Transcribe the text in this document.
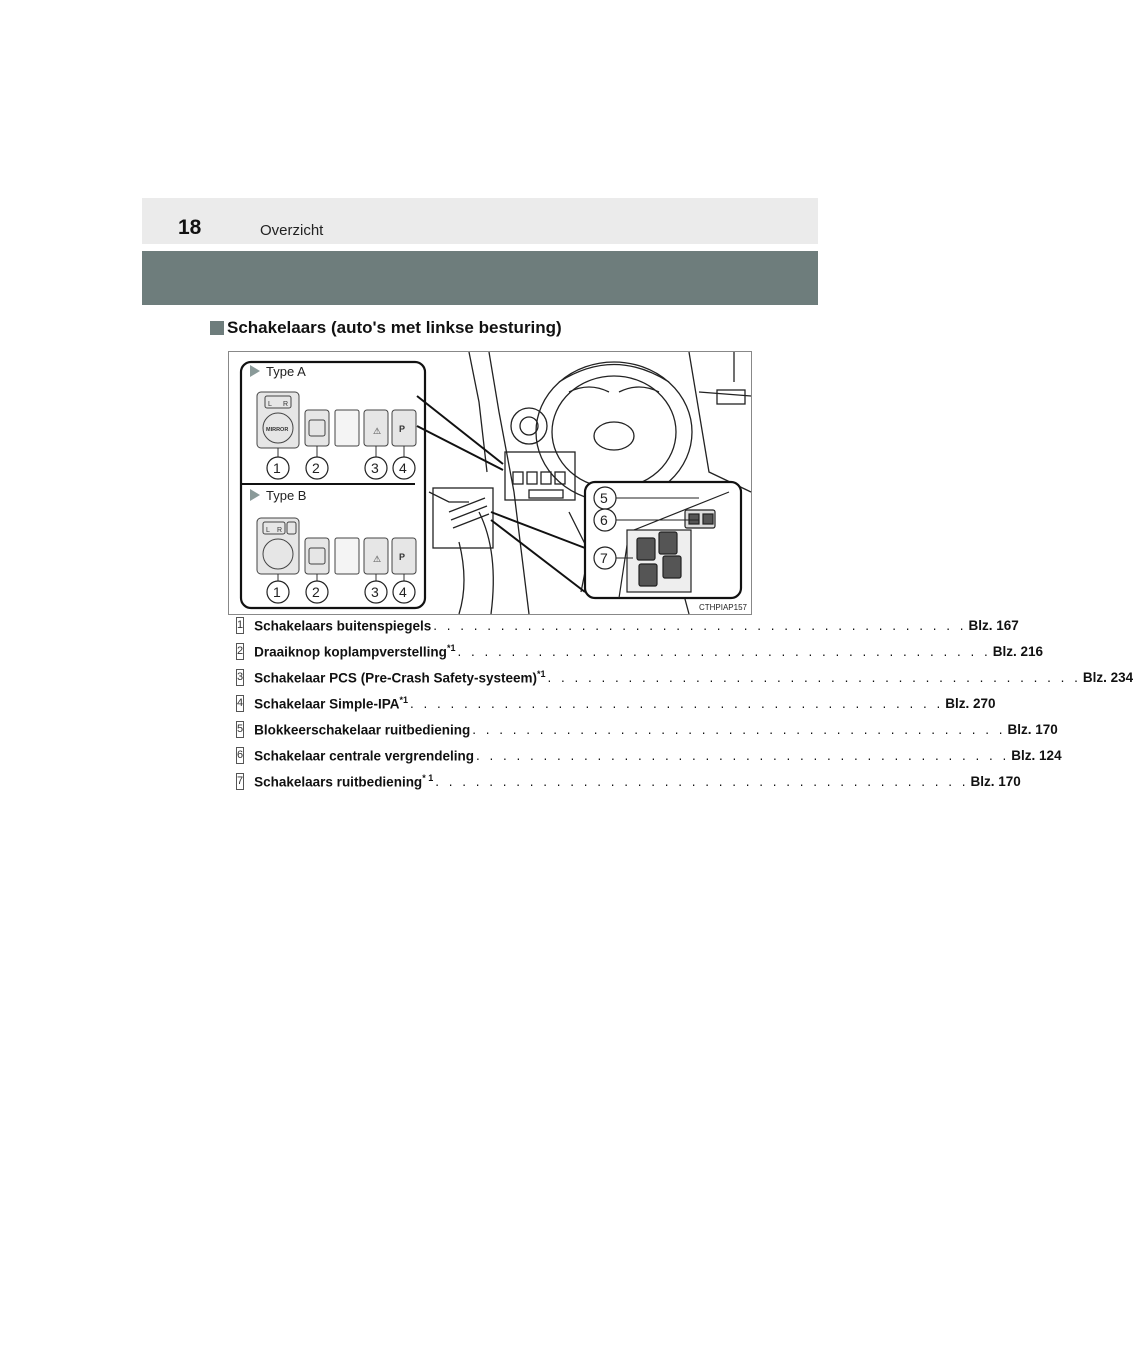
18	Overzicht
Schakelaars (auto's met linkse besturing)
Type A
L R
MIRROR	⚠ P
1 2	3 4
Type B
L R
⚠ P
1 2	3 4
5
6
7
CTHPIAP157
1 Schakelaars buitenspiegels . . . . . . . . . . . . . . . . . . . . . . . . . . . . . . . . . . . . . . . . Blz. 167
2 Draaiknop koplampverstelling$^{*1}$ . . . . . . . . . . . . . . . . . . . . . . . . . . . . . . . . . . . . . . . . Blz. 216
3 Schakelaar PCS (Pre-Crash Safety-systeem)$^{*1}$ . . . . . . . . . . . . . . . . . . . . . . . . . . . . . . . . . . . . . . . . Blz. 234
4 Schakelaar Simple-IPA$^{*1}$ . . . . . . . . . . . . . . . . . . . . . . . . . . . . . . . . . . . . . . . . Blz. 270
5 Blokkeerschakelaar ruitbediening . . . . . . . . . . . . . . . . . . . . . . . . . . . . . . . . . . . . . . . . Blz. 170
6 Schakelaar centrale vergrendeling . . . . . . . . . . . . . . . . . . . . . . . . . . . . . . . . . . . . . . . . Blz. 124
7 Schakelaars ruitbediening$^{* 1}$ . . . . . . . . . . . . . . . . . . . . . . . . . . . . . . . . . . . . . . . . Blz. 170
